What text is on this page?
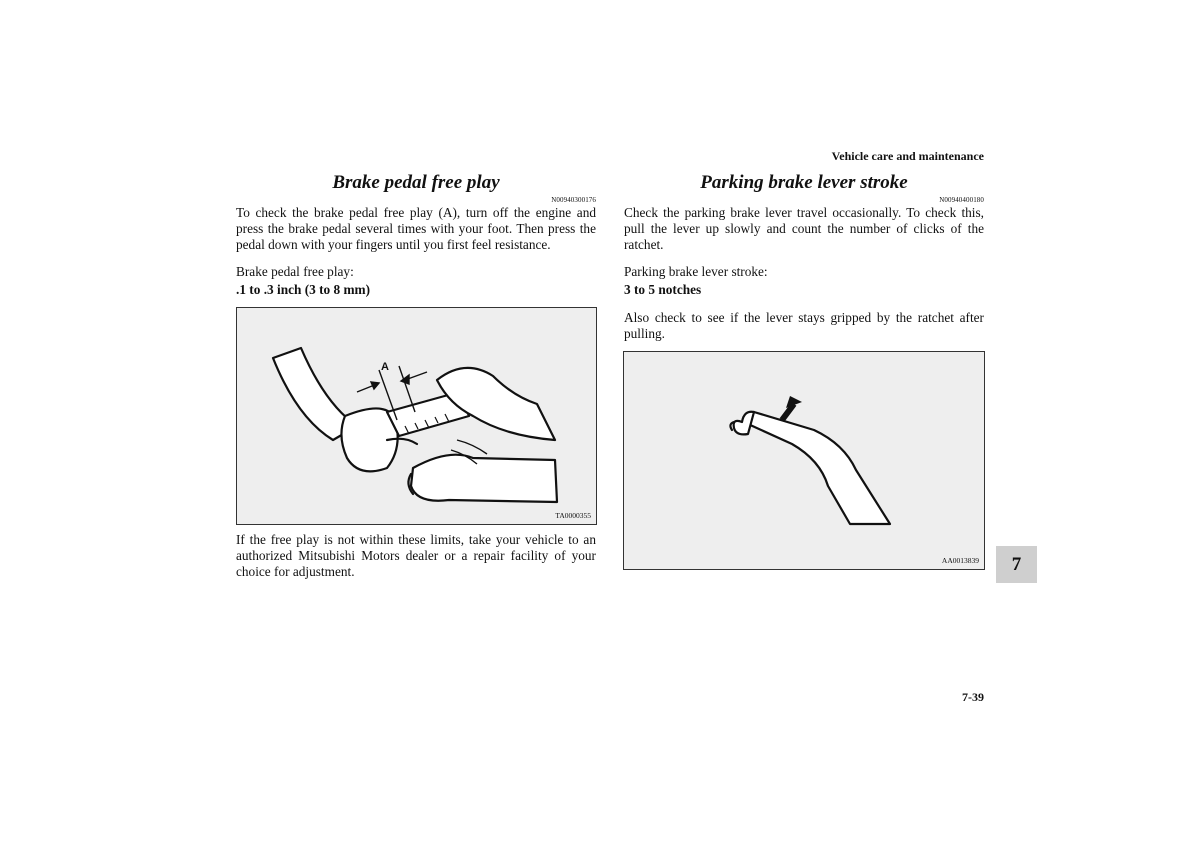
Vehicle care and maintenance
Brake pedal free play
N00940300176
To check the brake pedal free play (A), turn off the engine and press the brake pedal several times with your foot. Then press the pedal down with your fingers until you first feel resistance.
Brake pedal free play:
.1 to .3 inch (3 to 8 mm)
A
TA0000355
If the free play is not within these limits, take your vehicle to an authorized Mitsubishi Motors dealer or a repair facility of your choice for adjustment.
Parking brake lever stroke
N00940400180
Check the parking brake lever travel occasionally. To check this, pull the lever up slowly and count the number of clicks of the ratchet.
Parking brake lever stroke:
3 to 5 notches
Also check to see if the lever stays gripped by the ratchet after pulling.
AA0013839	7
7-39
